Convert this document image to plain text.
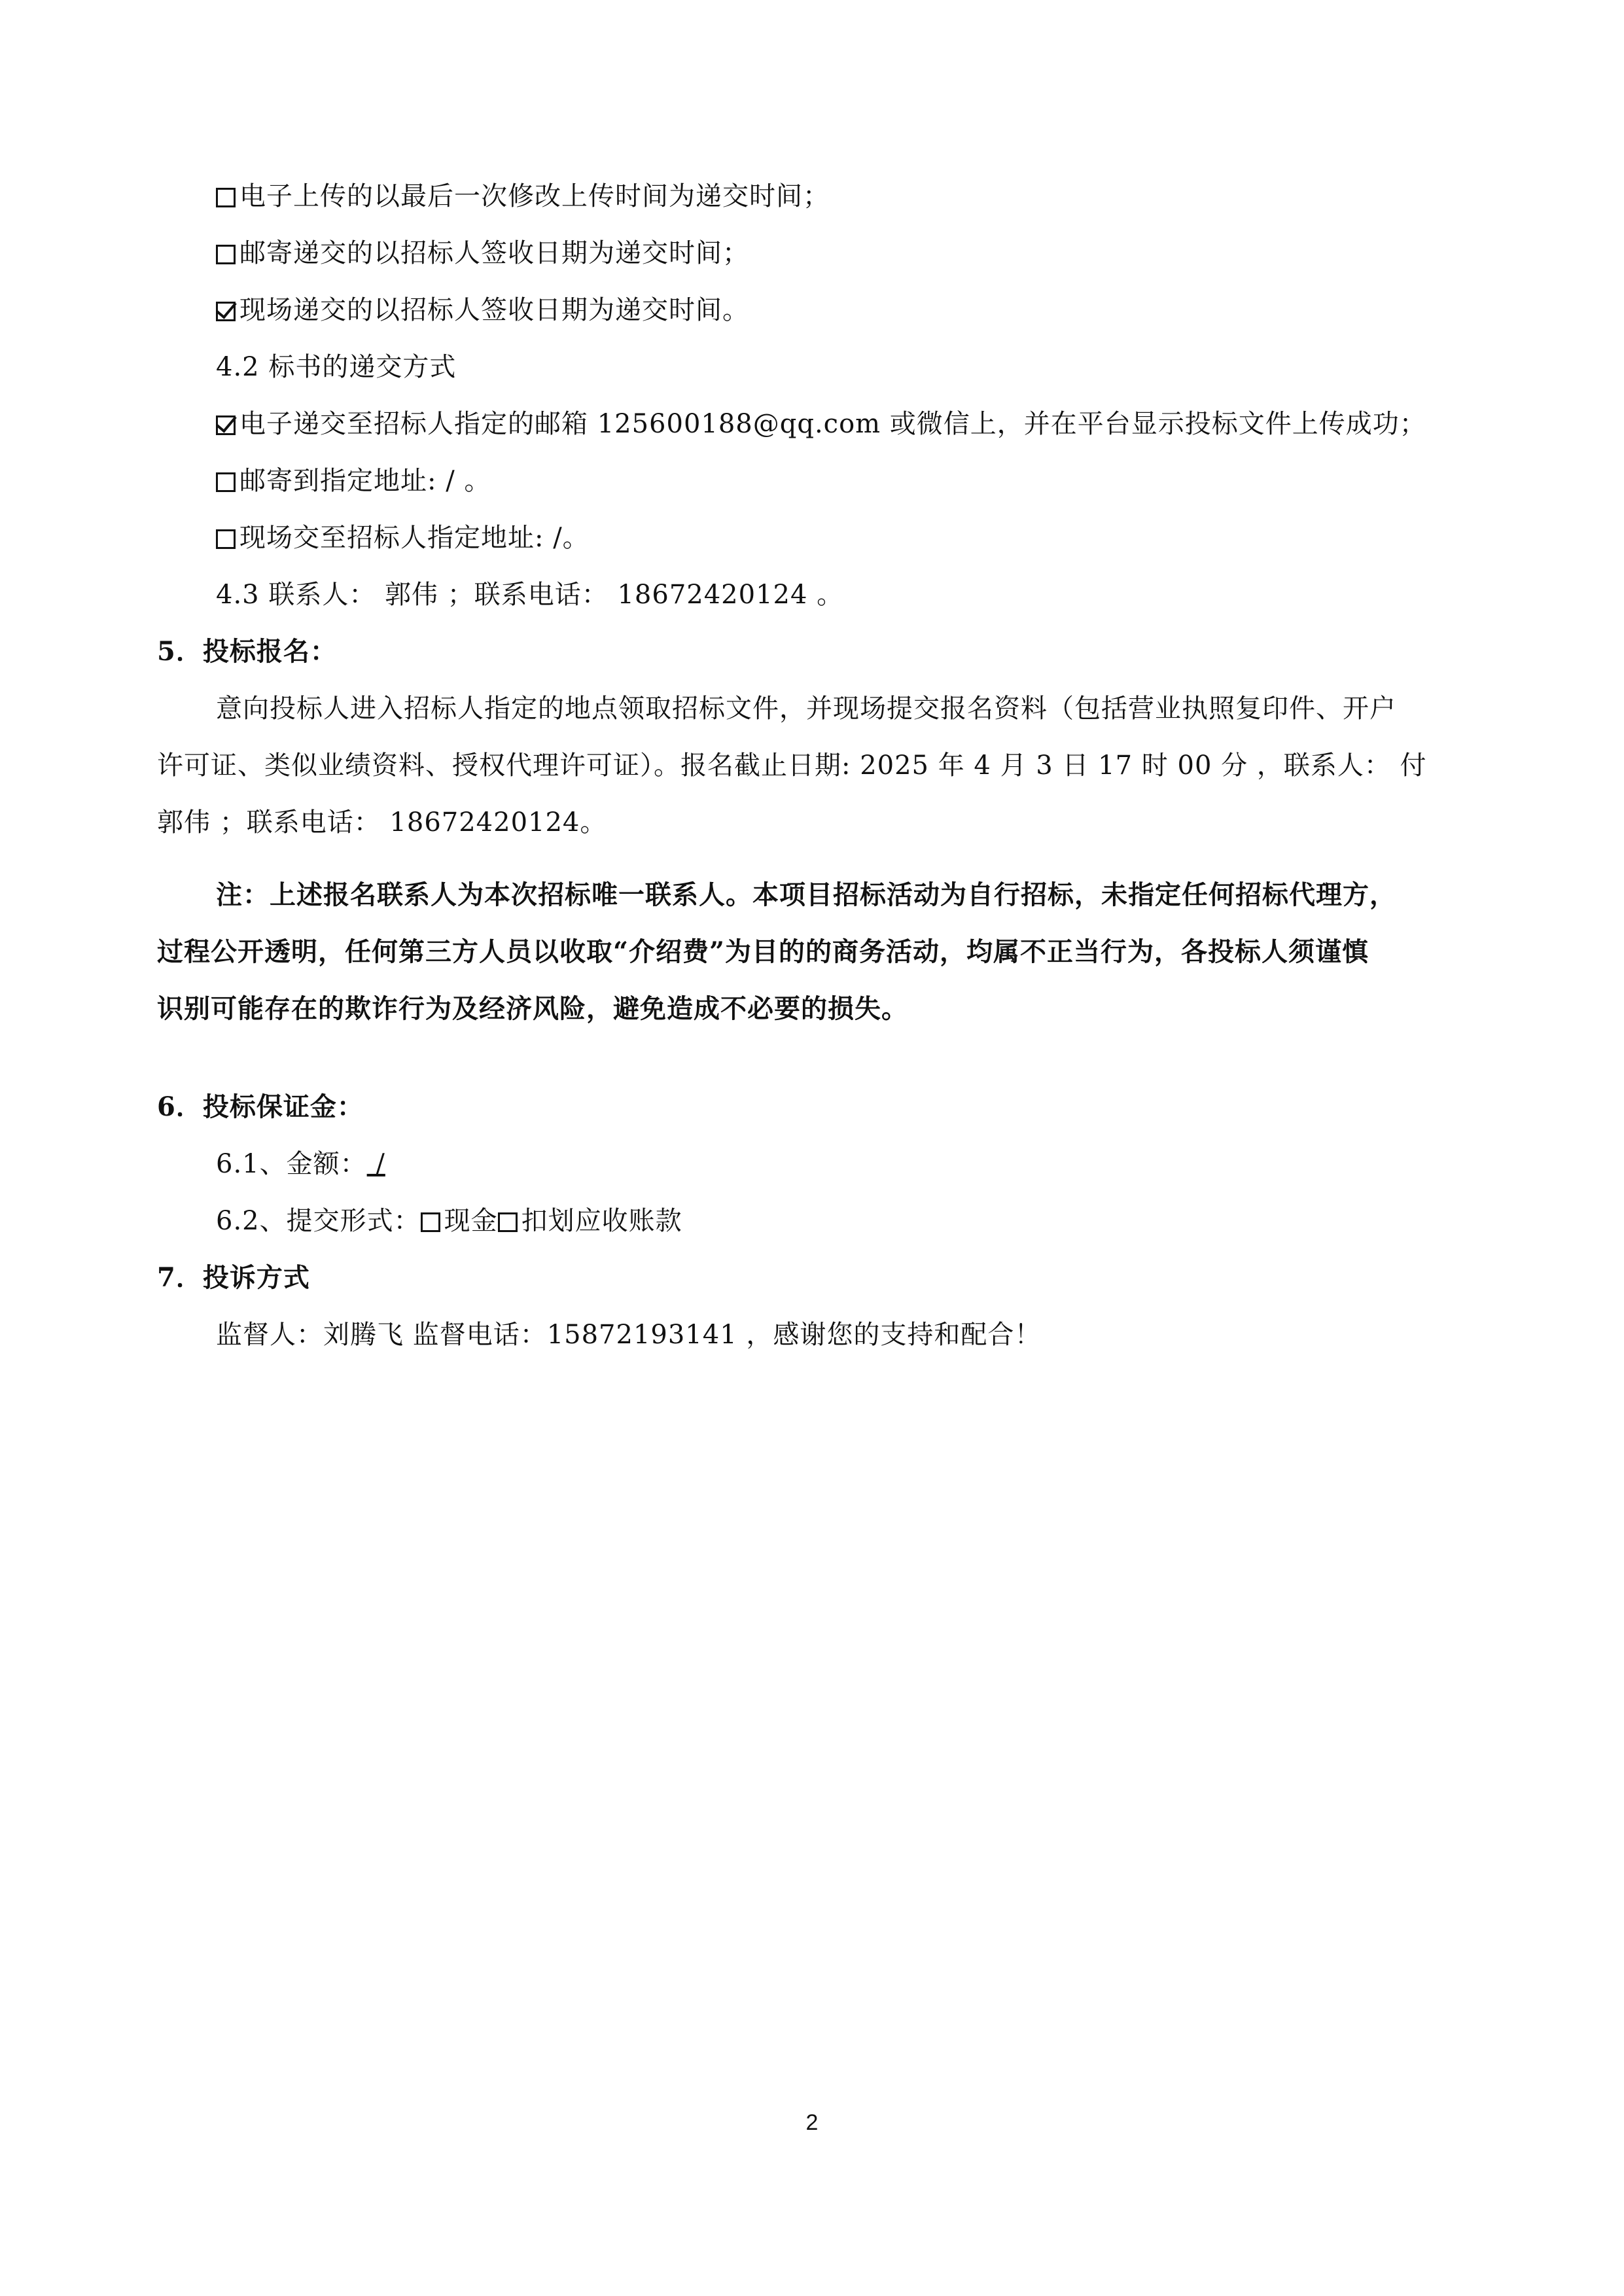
电子上传的以最后一次修改上传时间为递交时间；
邮寄递交的以招标人签收日期为递交时间；
现场递交的以招标人签收日期为递交时间。
4.2 标书的递交方式
电子递交至招标人指定的邮箱 125600188@qq.com 或微信上，并在平台显示投标文件上传成功；
邮寄到指定地址: / 。
现场交至招标人指定地址: /。
4.3 联系人： 郭伟 ；联系电话： 18672420124 。
5．投标报名：
意向投标人进入招标人指定的地点领取招标文件，并现场提交报名资料（包括营业执照复印件、开户
许可证、类似业绩资料、授权代理许可证）。报名截止日期: 2025 年 4 月 3 日 17 时 00 分 ，联系人： 付
郭伟 ；联系电话： 18672420124。
注：上述报名联系人为本次招标唯一联系人。本项目招标活动为自行招标，未指定任何招标代理方，
过程公开透明，任何第三方人员以收取“介绍费”为目的的商务活动，均属不正当行为，各投标人须谨慎
识别可能存在的欺诈行为及经济风险，避免造成不必要的损失。
6．投标保证金：
6.1、金额： /
6.2、提交形式： 现金 扣划应收账款
7．投诉方式
监督人：刘腾飞 监督电话：15872193141 ，感谢您的支持和配合！
2
